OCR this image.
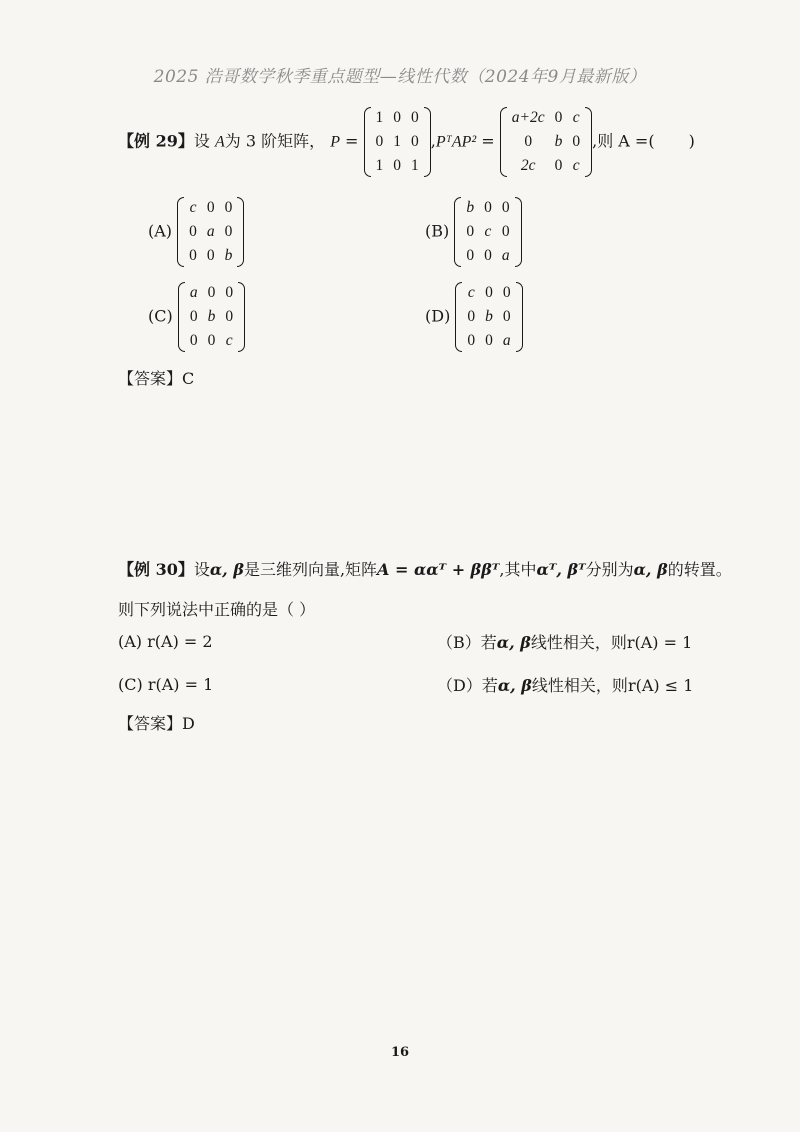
2025 浩哥数学秋季重点题型—线性代数（2024年9月最新版）
【例 29】设 A为 3 阶矩阵， P =
1	0	0
0	1	0
1	0	1
,PᵀAP² =
a+2c	0	c
0	b	0
2c	0	c
,则 A =( )
(A)
c	0	0
0	a	0
0	0	b
(B)
b	0	0
0	c	0
0	0	a
(C)
a	0	0
0	b	0
0	0	c
(D)
c	0	0
0	b	0
0	0	a
【答案】C
【例 30】设α, β是三维列向量,矩阵A = ααᵀ + ββᵀ,其中αᵀ, βᵀ分别为α, β的转置。
则下列说法中正确的是（ ）
(A) r(A) = 2	（B）若α, β线性相关，则r(A) = 1
(C) r(A) = 1	（D）若α, β线性相关，则r(A) ≤ 1
【答案】D
16
